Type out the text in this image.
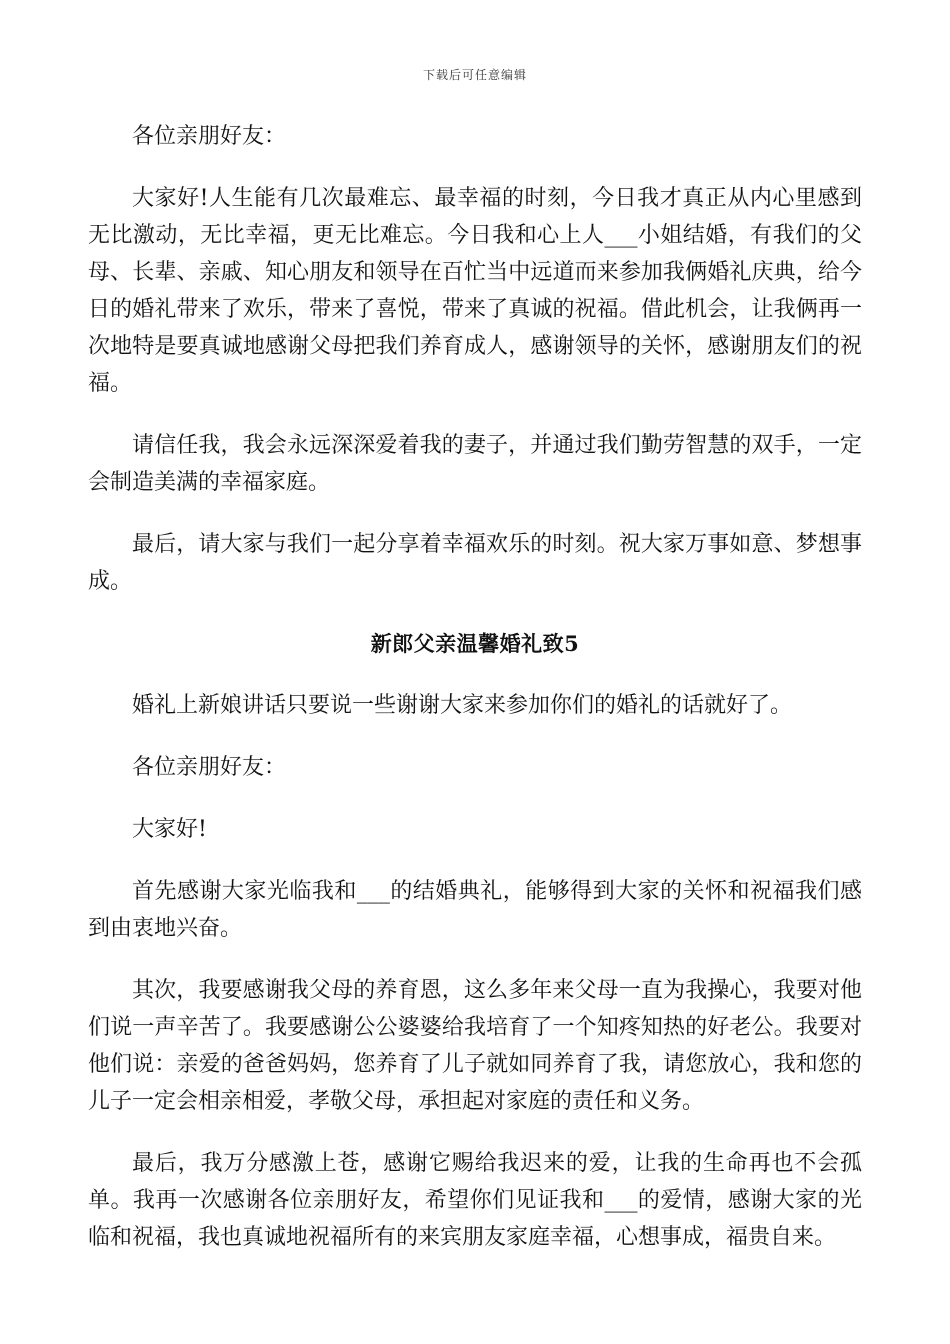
下载后可任意编辑

各位亲朋好友：

大家好!人生能有几次最难忘、最幸福的时刻，今日我才真正从内心里感到无比激动，无比幸福，更无比难忘。今日我和心上人___小姐结婚，有我们的父母、长辈、亲戚、知心朋友和领导在百忙当中远道而来参加我俩婚礼庆典，给今日的婚礼带来了欢乐，带来了喜悦，带来了真诚的祝福。借此机会，让我俩再一次地特是要真诚地感谢父母把我们养育成人，感谢领导的关怀，感谢朋友们的祝福。

请信任我，我会永远深深爱着我的妻子，并通过我们勤劳智慧的双手，一定会制造美满的幸福家庭。

最后，请大家与我们一起分享着幸福欢乐的时刻。祝大家万事如意、梦想事成。

新郎父亲温馨婚礼致5

婚礼上新娘讲话只要说一些谢谢大家来参加你们的婚礼的话就好了。

各位亲朋好友：

大家好!

首先感谢大家光临我和___的结婚典礼，能够得到大家的关怀和祝福我们感到由衷地兴奋。

其次，我要感谢我父母的养育恩，这么多年来父母一直为我操心，我要对他们说一声辛苦了。我要感谢公公婆婆给我培育了一个知疼知热的好老公。我要对他们说：亲爱的爸爸妈妈，您养育了儿子就如同养育了我，请您放心，我和您的儿子一定会相亲相爱，孝敬父母，承担起对家庭的责任和义务。

最后，我万分感激上苍，感谢它赐给我迟来的爱，让我的生命再也不会孤单。我再一次感谢各位亲朋好友，希望你们见证我和___的爱情，感谢大家的光临和祝福，我也真诚地祝福所有的来宾朋友家庭幸福，心想事成，福贵自来。
